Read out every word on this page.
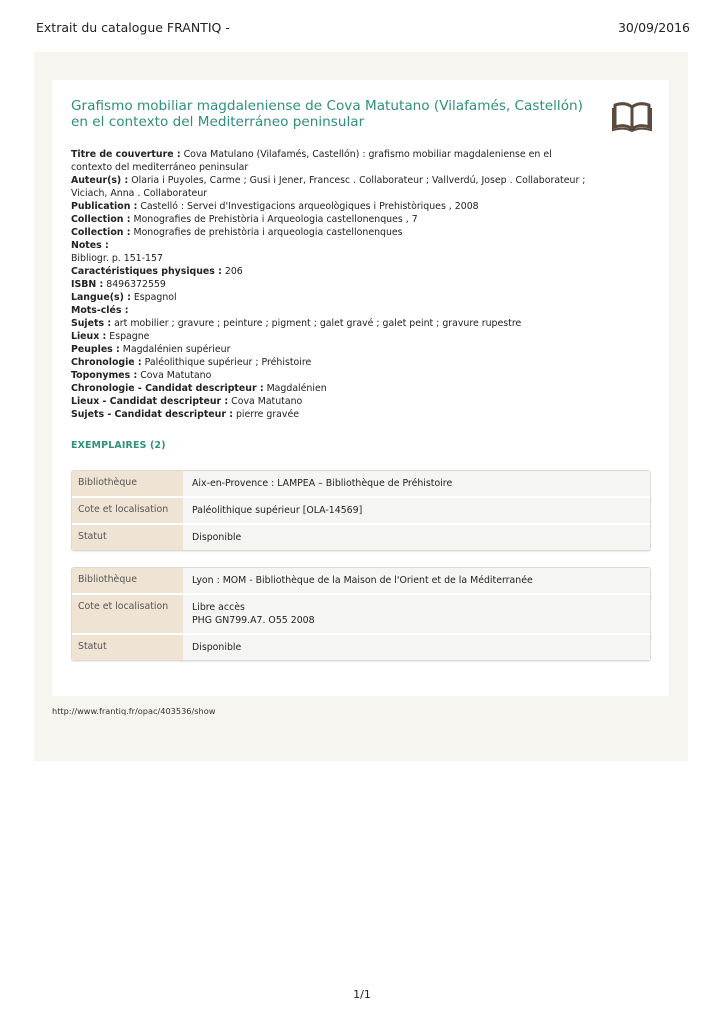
Extrait du catalogue FRANTIQ -	30/09/2016
Grafismo mobiliar magdaleniense de Cova Matutano (Vilafamés, Castellón) en el contexto del Mediterráneo peninsular
Titre de couverture : Cova Matulano (Vilafamés, Castellón) : grafismo mobiliar magdaleniense en el contexto del mediterráneo peninsular
Auteur(s) : Olaria i Puyoles, Carme ; Gusi i Jener, Francesc . Collaborateur ; Vallverdú, Josep . Collaborateur ; Viciach, Anna . Collaborateur
Publication : Castelló : Servei d'Investigacions arqueològiques i Prehistòriques , 2008
Collection : Monografies de Prehistòria i Arqueologia castellonenques , 7
Collection : Monografies de prehistòria i arqueologia castellonenques
Notes :
Bibliogr. p. 151-157
Caractéristiques physiques : 206
ISBN : 8496372559
Langue(s) : Espagnol
Mots-clés :
Sujets : art mobilier ; gravure ; peinture ; pigment ; galet gravé ; galet peint ; gravure rupestre
Lieux : Espagne
Peuples : Magdalénien supérieur
Chronologie : Paléolithique supérieur ; Préhistoire
Toponymes : Cova Matutano
Chronologie - Candidat descripteur : Magdalénien
Lieux - Candidat descripteur : Cova Matutano
Sujets - Candidat descripteur : pierre gravée
EXEMPLAIRES (2)
Bibliothèque	Aix-en-Provence : LAMPEA – Bibliothèque de Préhistoire
Cote et localisation	Paléolithique supérieur [OLA-14569]
Statut	Disponible
Bibliothèque	Lyon : MOM - Bibliothèque de la Maison de l'Orient et de la Méditerranée
Cote et localisation	Libre accès
PHG GN799.A7. O55 2008
Statut	Disponible
http://www.frantiq.fr/opac/403536/show
1/1
